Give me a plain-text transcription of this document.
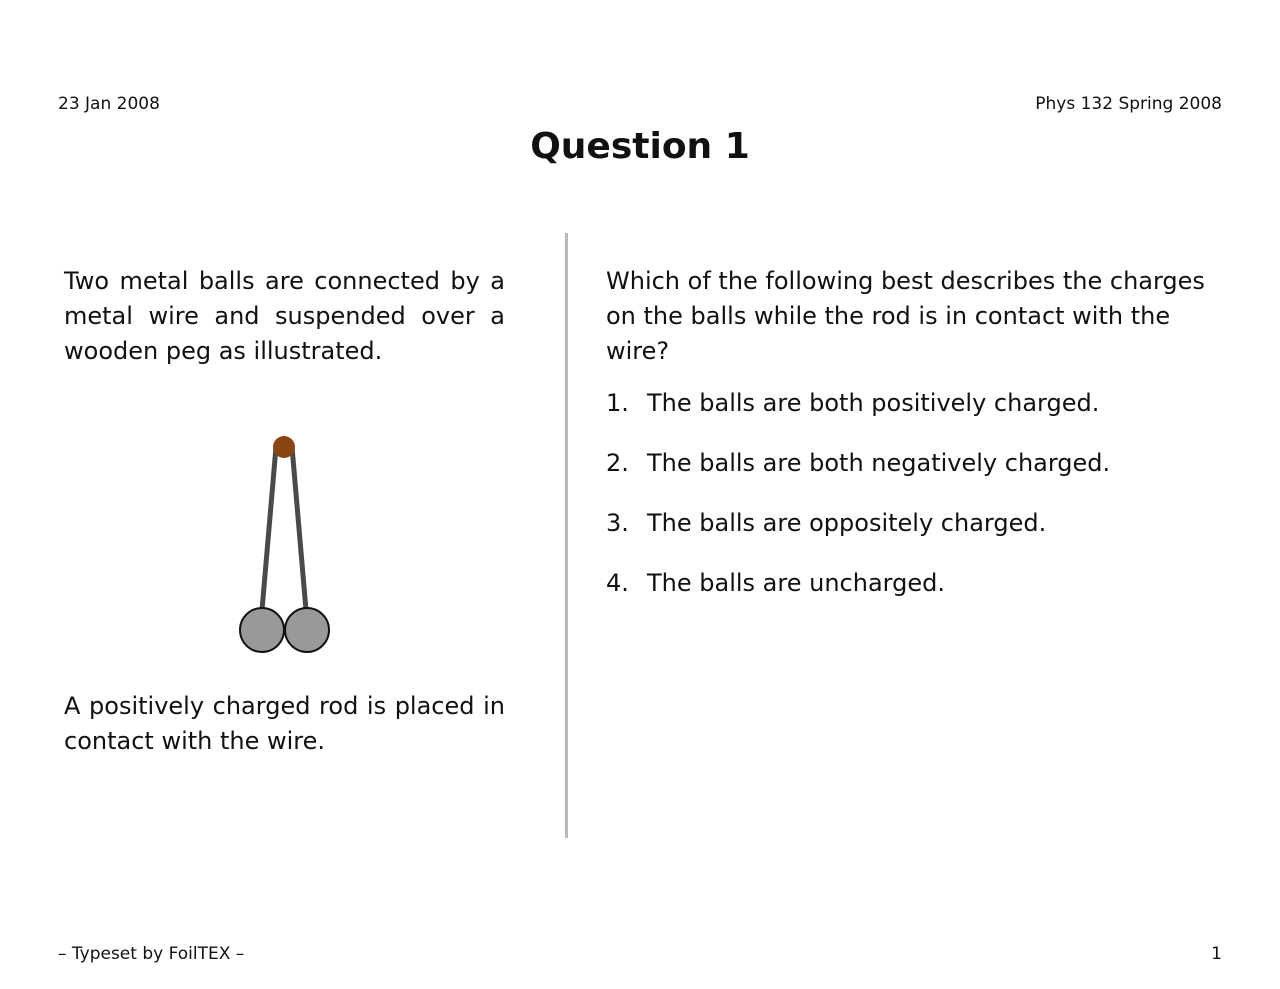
23 Jan 2008	Phys 132 Spring 2008
Question 1

Two metal balls are connected by a metal wire and suspended over a wooden peg as illustrated.

A positively charged rod is placed in contact with the wire.

Which of the following best describes the charges on the balls while the rod is in contact with the wire?

1. The balls are both positively charged.
2. The balls are both negatively charged.
3. The balls are oppositely charged.
4. The balls are uncharged.
– Typeset by FoilTEX –	1
